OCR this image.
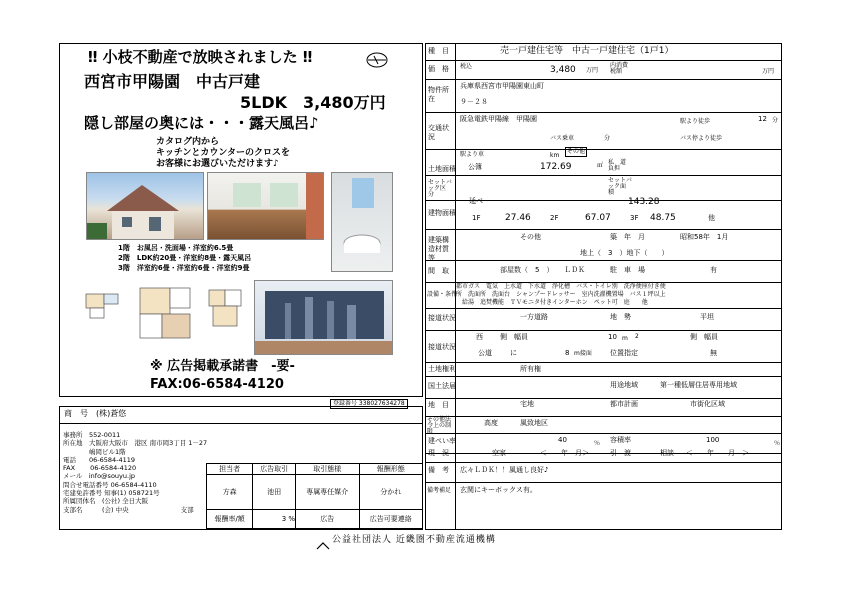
‼ 小枝不動産で放映されました ‼
西宮市甲陽園　中古戸建
5LDK　3,480万円
隠し部屋の奥には・・・露天風呂♪
カタログ内から
キッチンとカウンターのクロスを
お客様にお選びいただけます♪
1階　お風呂・洗面場・洋室約6.5畳
2階　LDK約20畳・洋室約8畳・露天風呂
3階　洋室約6畳・洋室約6畳・洋室約9畳
※ 広告掲載承諾書　-要-
FAX:06-6584-4120
登録番号 338027634278
商　号 (株)蒼悠
事務所　552-0011
所在地　大阪府大阪市　港区 南市岡3丁目 1－27
　　　　嶋岡ビル1階
電話　　06-6584-4119
FAX　　 06-6584-4120
メール　info@souyu.jp
問合せ電話番号 06-6584-4110
宅建免許番号 知事(1) 058721号
所属団体名　(公社) 全日大阪
支部名　　　(会) 中央　　　　　　　　支部
担当者	広告取引	取引態様	報酬形態
方森	池田	専属専任媒介	分かれ
報酬率/額	3 %	広告	広告可要連絡
種　目	売一戸建住宅等　中古一戸建住宅（1戸1）
価　格 税込	3,480 万円
内消費税額	万円
物件所在
兵庫県西宮市甲陽園東山町
９－２８
交通状況
阪急電鉄甲陽線　甲陽園	駅より徒歩	12 分
バス乗車	分	バス停より徒歩
その他
駅より車	km
土地面積 公簿	172.69	㎡ 私　道負担
セットバック区　分
セットバック面　積
建物面積
延べ	143.28
1F	27.46	2F	67.07	3F 48.75	他
建築構造材質等
その他	築　年　月	昭和58年　1月
地上（　3　）地下（　　）
間　取	部屋数（　5　）　　ＬＤＫ	駐　車　場	有
設備・条件
都市ガス　電気　上水道　下水道　浄化槽　バス・トイレ別　洗浄便座付き便
所　洗面所　洗面台　シャンプードレッサー　室内洗濯機置場　バス１坪以上
　給湯　追焚機能　ＴＶモニタ付きインターホン　ペット可　庭　　他
接道状況	一方道路	地　勢	平坦
接道状況
西 側　幅員	10 m 2	側　幅員
公道	に	8 m接面	位置指定	無
土地権利	所有権
用途地域	第一種低層住居専用地域
国土法届
地　目	宅地	都市計画	市街化区域
その他法令上の制限
高度	風致地区
建ぺい率	40	％ 容積率	100	％
現　況	空家	＜　　年　月＞	引　渡	相談 ＜　　年　　月　＞
備　考 広々ＬＤＫ！！風通し良好♪
備考補足 玄関にキーボックス有。
公益社団法人 近畿圏不動産流通機構
